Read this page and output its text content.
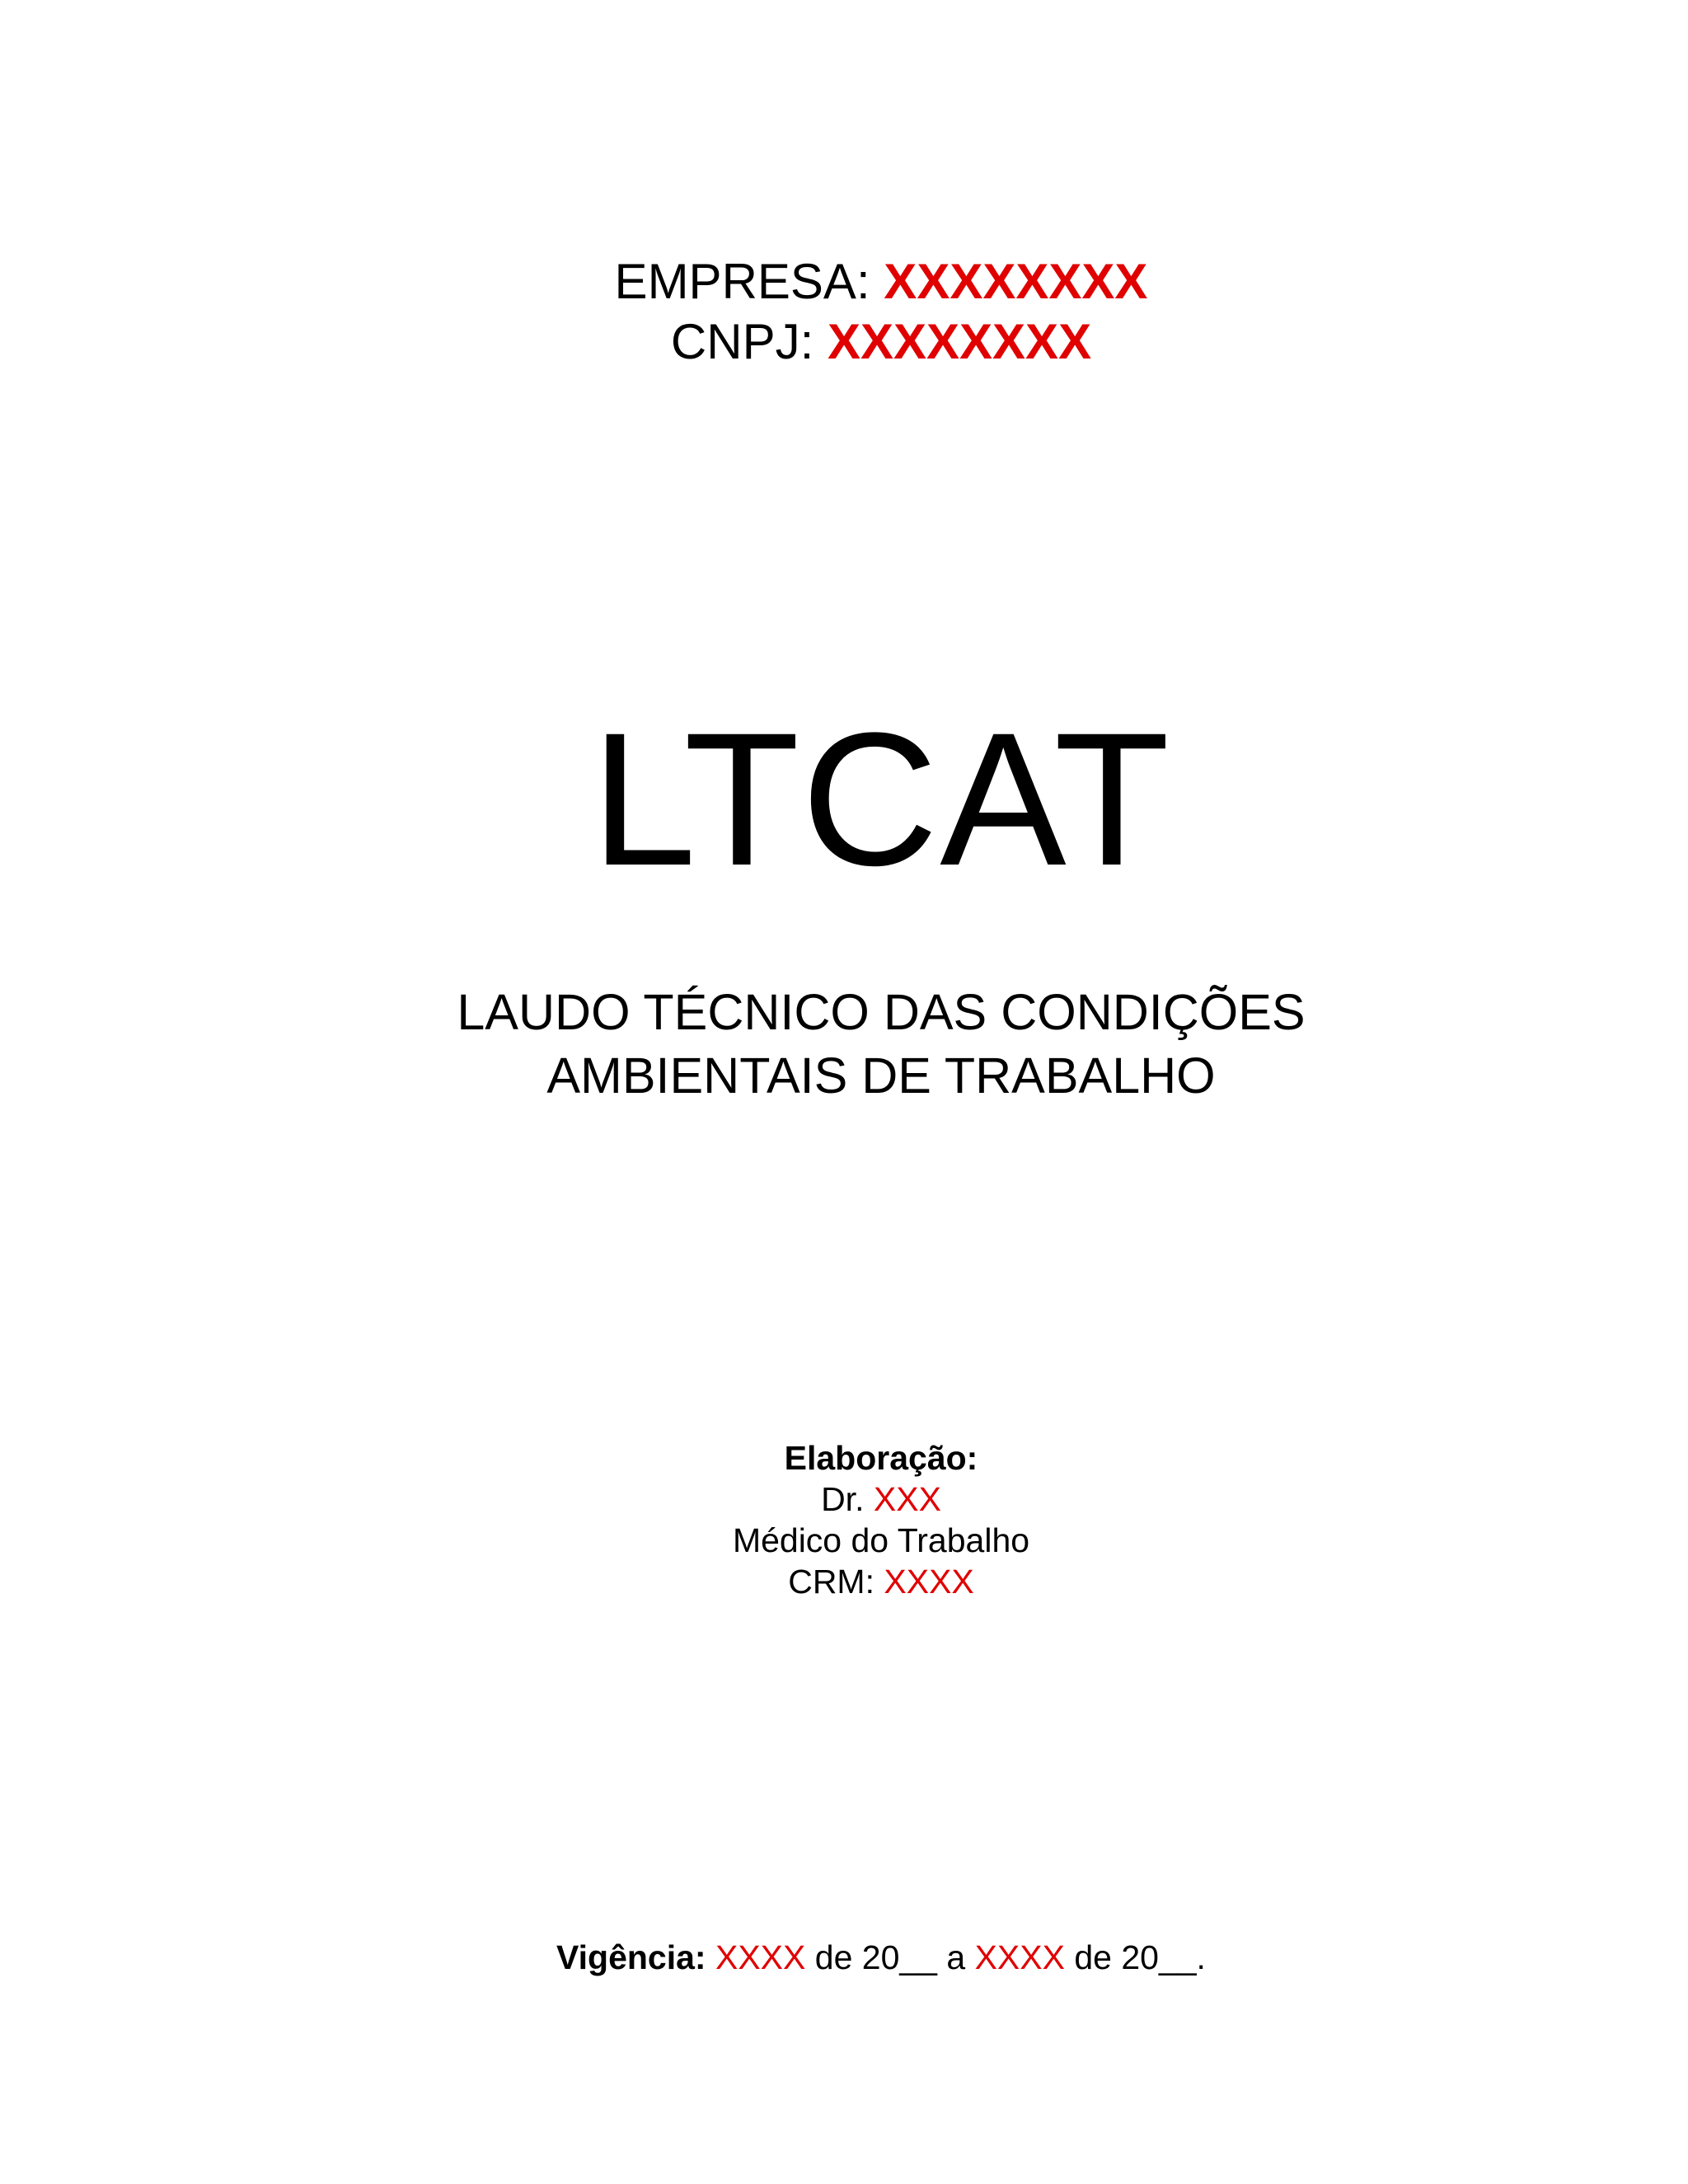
EMPRESA: XXXXXXXX
CNPJ: XXXXXXXX
LTCAT
LAUDO TÉCNICO DAS CONDIÇÕES
AMBIENTAIS DE TRABALHO
Elaboração:
Dr. XXX
Médico do Trabalho
CRM: XXXX
Vigência: XXXX de 20__ a XXXX de 20__.
